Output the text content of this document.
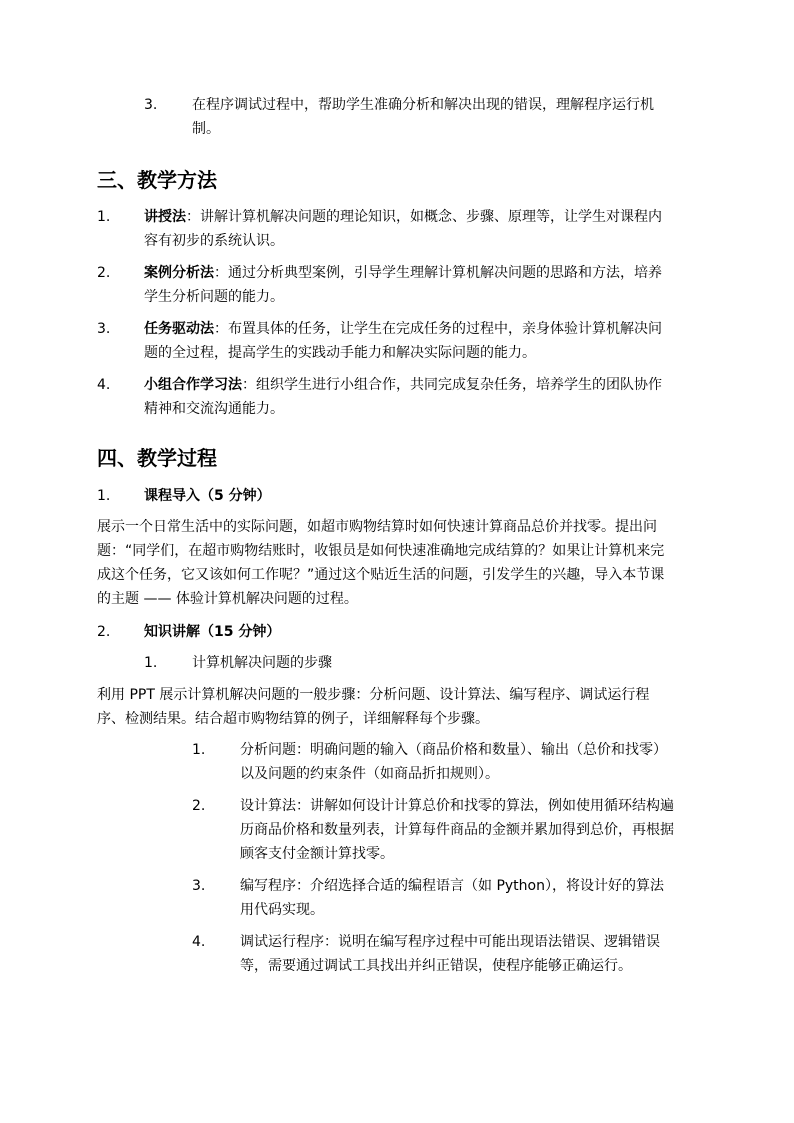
3. 在程序调试过程中，帮助学生准确分析和解决出现的错误，理解程序运行机
制。
三、教学方法
1. 讲授法：讲解计算机解决问题的理论知识，如概念、步骤、原理等，让学生对课程内
容有初步的系统认识。
2. 案例分析法：通过分析典型案例，引导学生理解计算机解决问题的思路和方法，培养
学生分析问题的能力。
3. 任务驱动法：布置具体的任务，让学生在完成任务的过程中，亲身体验计算机解决问
题的全过程，提高学生的实践动手能力和解决实际问题的能力。
4. 小组合作学习法：组织学生进行小组合作，共同完成复杂任务，培养学生的团队协作
精神和交流沟通能力。
四、教学过程
1. 课程导入（5 分钟）
展示一个日常生活中的实际问题，如超市购物结算时如何快速计算商品总价并找零。提出问
题：“同学们，在超市购物结账时，收银员是如何快速准确地完成结算的？如果让计算机来完
成这个任务，它又该如何工作呢？”通过这个贴近生活的问题，引发学生的兴趣，导入本节课
的主题 —— 体验计算机解决问题的过程。
2. 知识讲解（15 分钟）
1. 计算机解决问题的步骤
利用 PPT 展示计算机解决问题的一般步骤：分析问题、设计算法、编写程序、调试运行程
序、检测结果。结合超市购物结算的例子，详细解释每个步骤。
1. 分析问题：明确问题的输入（商品价格和数量）、输出（总价和找零）
以及问题的约束条件（如商品折扣规则）。
2. 设计算法：讲解如何设计计算总价和找零的算法，例如使用循环结构遍
历商品价格和数量列表，计算每件商品的金额并累加得到总价，再根据
顾客支付金额计算找零。
3. 编写程序：介绍选择合适的编程语言（如 Python），将设计好的算法
用代码实现。
4. 调试运行程序：说明在编写程序过程中可能出现语法错误、逻辑错误
等，需要通过调试工具找出并纠正错误，使程序能够正确运行。
